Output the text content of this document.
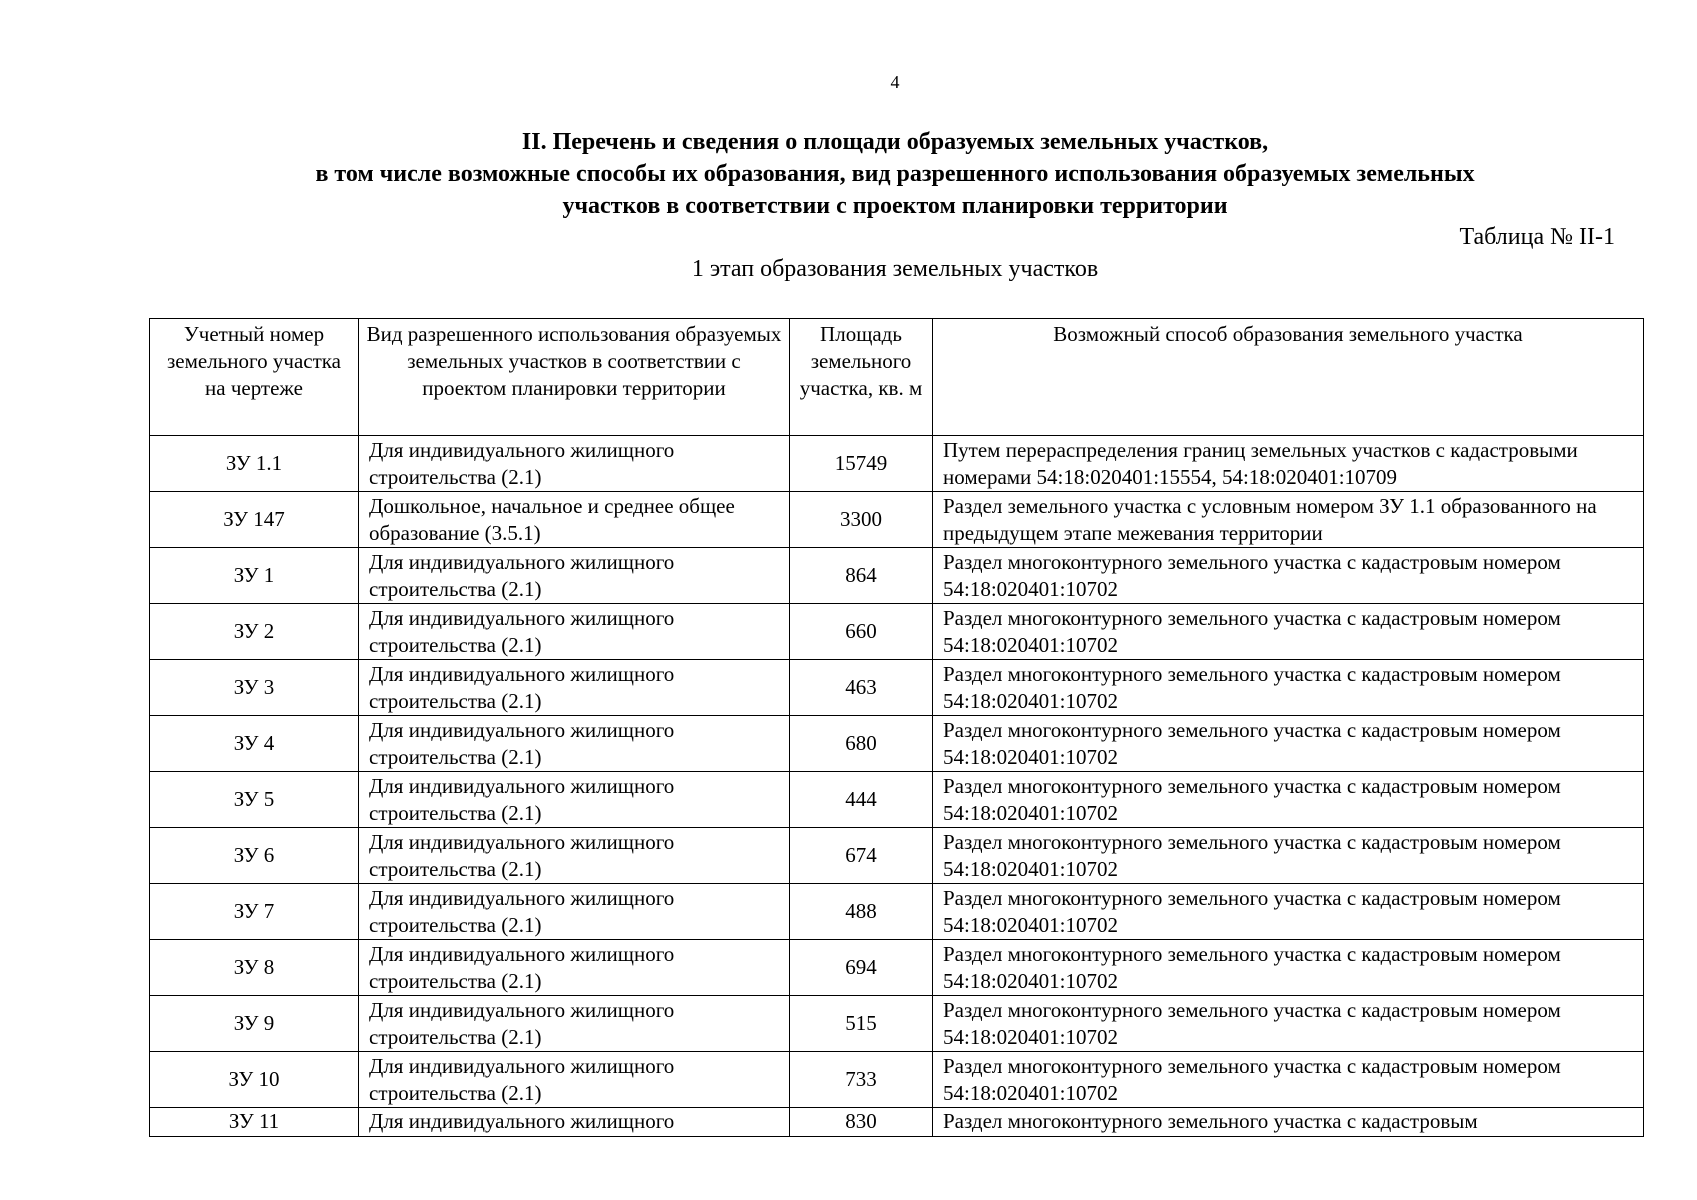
4
II. Перечень и сведения о площади образуемых земельных участков,
в том числе возможные способы их образования, вид разрешенного использования образуемых земельных
участков в соответствии с проектом планировки территории
Таблица № II-1
1 этап образования земельных участков
Учетный номер земельного участка на чертеже	Вид разрешенного использования образуемых земельных участков в соответствии с проектом планировки территории	Площадь земельного участка, кв. м	Возможный способ образования земельного участка
ЗУ 1.1	Для индивидуального жилищного строительства (2.1)	15749	Путем перераспределения границ земельных участков с кадастровыми номерами 54:18:020401:15554, 54:18:020401:10709
ЗУ 147	Дошкольное, начальное и среднее общее образование (3.5.1)	3300	Раздел земельного участка с условным номером ЗУ 1.1 образованного на предыдущем этапе межевания территории
ЗУ 1	Для индивидуального жилищного строительства (2.1)	864	Раздел многоконтурного земельного участка с кадастровым номером 54:18:020401:10702
ЗУ 2	Для индивидуального жилищного строительства (2.1)	660	Раздел многоконтурного земельного участка с кадастровым номером 54:18:020401:10702
ЗУ 3	Для индивидуального жилищного строительства (2.1)	463	Раздел многоконтурного земельного участка с кадастровым номером 54:18:020401:10702
ЗУ 4	Для индивидуального жилищного строительства (2.1)	680	Раздел многоконтурного земельного участка с кадастровым номером 54:18:020401:10702
ЗУ 5	Для индивидуального жилищного строительства (2.1)	444	Раздел многоконтурного земельного участка с кадастровым номером 54:18:020401:10702
ЗУ 6	Для индивидуального жилищного строительства (2.1)	674	Раздел многоконтурного земельного участка с кадастровым номером 54:18:020401:10702
ЗУ 7	Для индивидуального жилищного строительства (2.1)	488	Раздел многоконтурного земельного участка с кадастровым номером 54:18:020401:10702
ЗУ 8	Для индивидуального жилищного строительства (2.1)	694	Раздел многоконтурного земельного участка с кадастровым номером 54:18:020401:10702
ЗУ 9	Для индивидуального жилищного строительства (2.1)	515	Раздел многоконтурного земельного участка с кадастровым номером 54:18:020401:10702
ЗУ 10	Для индивидуального жилищного строительства (2.1)	733	Раздел многоконтурного земельного участка с кадастровым номером 54:18:020401:10702
ЗУ 11	Для индивидуального жилищного	830	Раздел многоконтурного земельного участка с кадастровым
